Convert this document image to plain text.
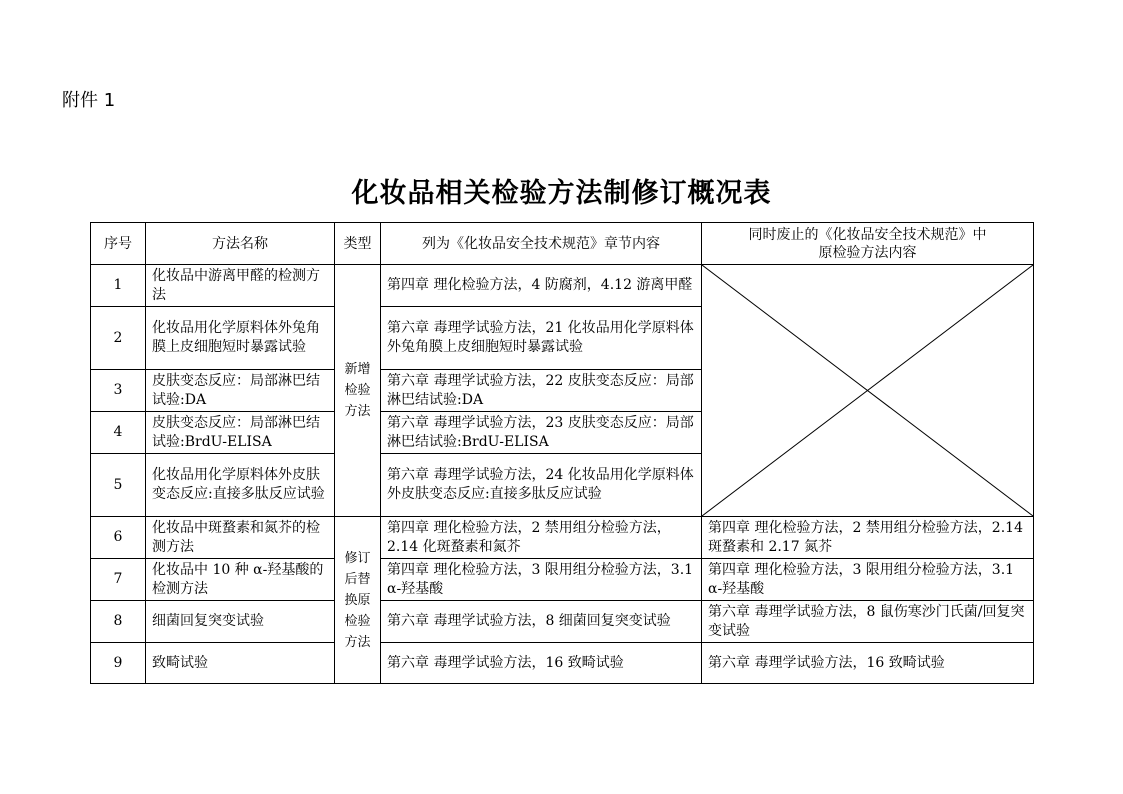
附件 1
化妆品相关检验方法制修订概况表
序号	方法名称	类型	列为《化妆品安全技术规范》章节内容	同时废止的《化妆品安全技术规范》中
原检验方法内容
1	化妆品中游离甲醛的检测方法	新增检验方法	第四章 理化检验方法，4 防腐剂，4.12 游离甲醛	

2	化妆品用化学原料体外兔角膜上皮细胞短时暴露试验		第六章 毒理学试验方法，21 化妆品用化学原料体外兔角膜上皮细胞短时暴露试验	
3	皮肤变态反应：局部淋巴结试验:DA		第六章 毒理学试验方法，22 皮肤变态反应：局部淋巴结试验:DA	
4	皮肤变态反应：局部淋巴结试验:BrdU-ELISA		第六章 毒理学试验方法，23 皮肤变态反应：局部淋巴结试验:BrdU-ELISA	
5	化妆品用化学原料体外皮肤变态反应:直接多肽反应试验		第六章 毒理学试验方法，24 化妆品用化学原料体外皮肤变态反应:直接多肽反应试验	
6	化妆品中斑蝥素和氮芥的检测方法	修订后替换原检验方法	第四章 理化检验方法，2 禁用组分检验方法，2.14 化斑蝥素和氮芥	第四章 理化检验方法，2 禁用组分检验方法，2.14 斑蝥素和 2.17 氮芥
7	化妆品中 10 种 α-羟基酸的检测方法		第四章 理化检验方法，3 限用组分检验方法，3.1 α-羟基酸	第四章 理化检验方法，3 限用组分检验方法，3.1 α-羟基酸
8	细菌回复突变试验		第六章 毒理学试验方法，8 细菌回复突变试验	第六章 毒理学试验方法，8 鼠伤寒沙门氏菌/回复突变试验
9	致畸试验		第六章 毒理学试验方法，16 致畸试验	第六章 毒理学试验方法，16 致畸试验
